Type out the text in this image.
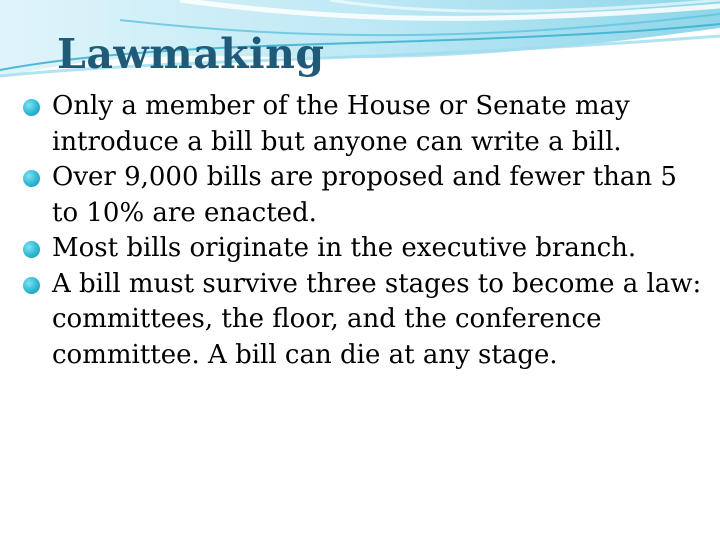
Lawmaking
Only a member of the House or Senate may introduce a bill but anyone can write a bill.
Over 9,000 bills are proposed and fewer than 5 to 10% are enacted.
Most bills originate in the executive branch.
A bill must survive three stages to become a law: committees, the floor, and the conference committee. A bill can die at any stage.
